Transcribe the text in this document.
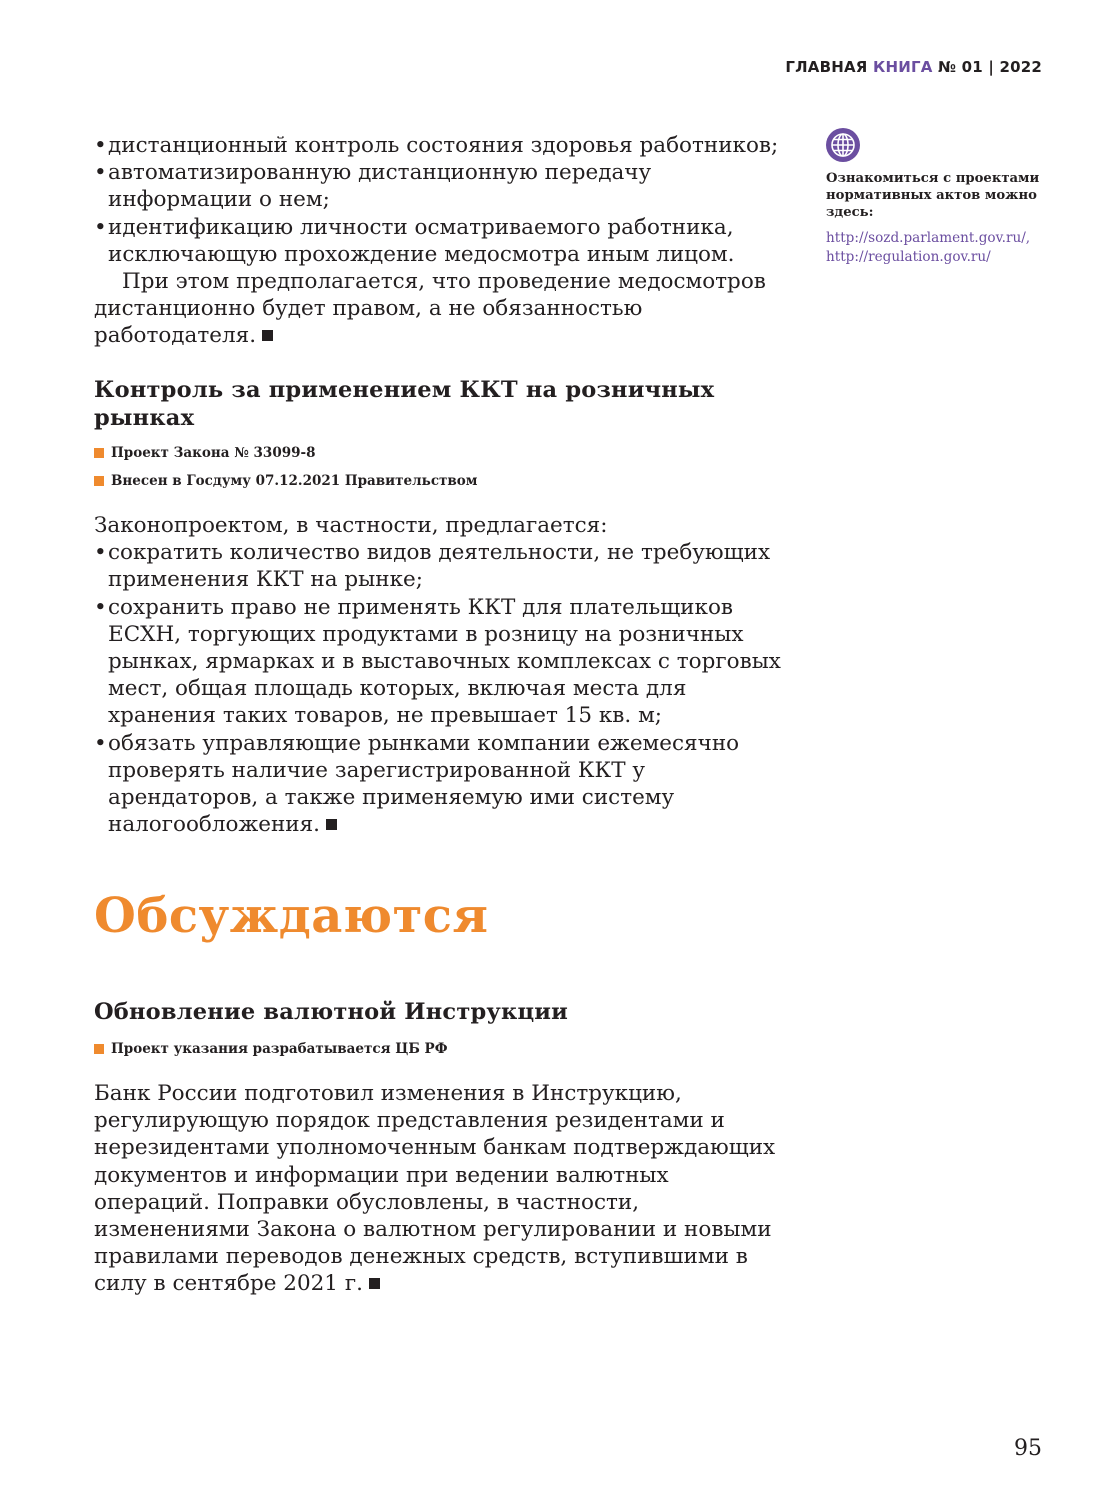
ГЛАВНАЯ КНИГА № 01 | 2022
• дистанционный контроль состояния здоровья работников;
• автоматизированную дистанционную передачу информации о нем;
• идентификацию личности осматриваемого работника, исключающую прохождение медосмотра иным лицом.

При этом предполагается, что проведение медосмотров дистанционно будет правом, а не обязанностью работодателя.

Контроль за применением ККТ на розничных рынках

Проект Закона № 33099-8

Внесен в Госдуму 07.12.2021 Правительством

Законопроектом, в частности, предлагается:

• сократить количество видов деятельности, не требующих применения ККТ на рынке;
• сохранить право не применять ККТ для плательщиков ЕСХН, торгующих продуктами в розницу на розничных рынках, ярмарках и в выставочных комплексах с торговых мест, общая площадь которых, включая места для хранения таких товаров, не превышает 15 кв. м;
• обязать управляющие рынками компании ежемесячно проверять наличие зарегистрированной ККТ у арендаторов, а также применяемую ими систему налогообложения.
Обсуждаются
Обновление валютной Инструкции

Проект указания разрабатывается ЦБ РФ

Банк России подготовил изменения в Инструкцию, регулирующую порядок представления резидентами и нерезидентами уполномоченным банкам подтверждающих документов и информации при ведении валютных операций. Поправки обусловлены, в частности, изменениями Закона о валютном регулировании и новыми правилами переводов денежных средств, вступившими в силу в сентябре 2021 г.

Ознакомиться с проектами нормативных актов можно здесь:
http://sozd.parlament.gov.ru/,
http://regulation.gov.ru/
95
